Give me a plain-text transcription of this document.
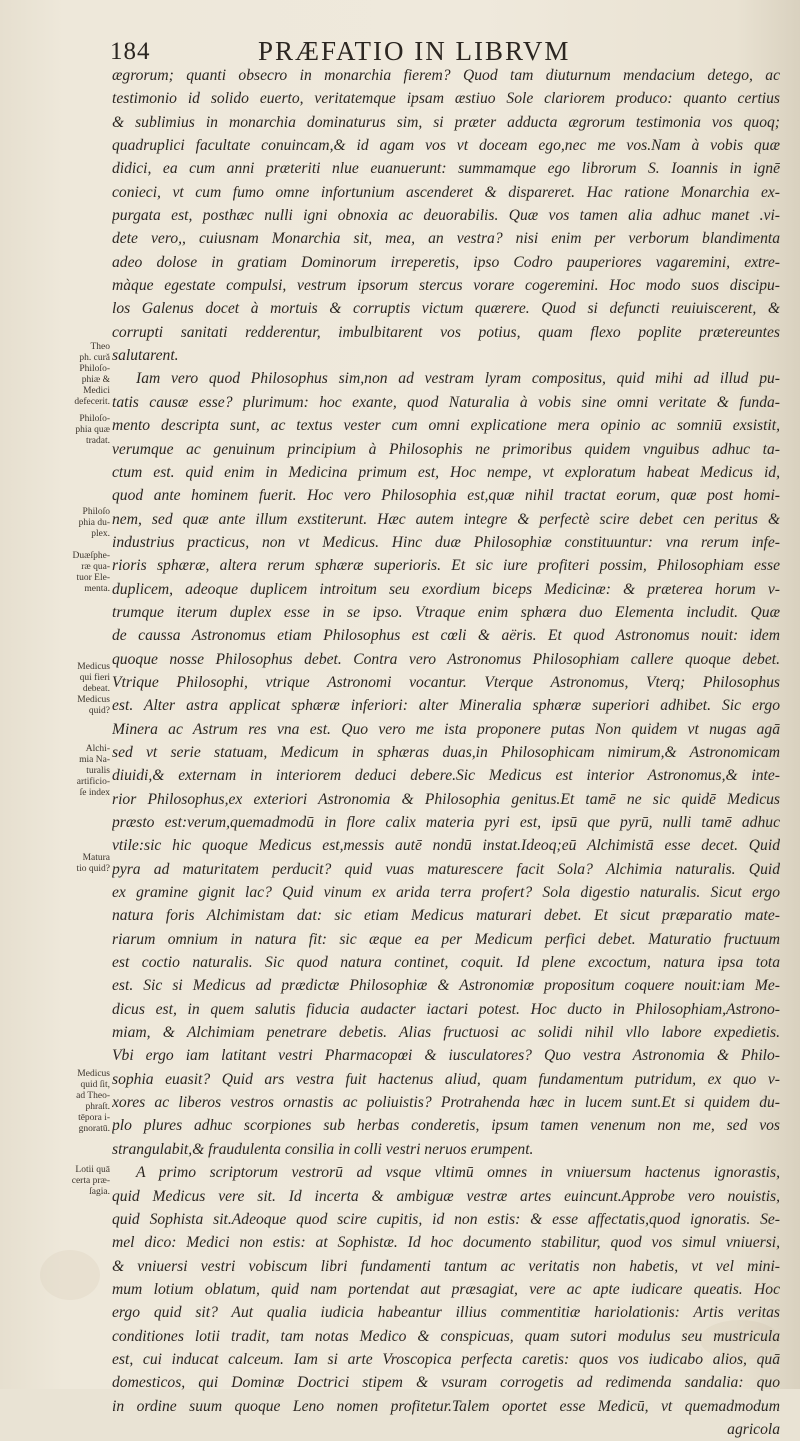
184	PRÆFATIO IN LIBRVM
ægrorum; quanti obsecro in monarchia fierem? Quod tam diuturnum mendacium detego, ac
testimonio id solido euerto, veritatemque ipsam æstiuo Sole clariorem produco: quanto certius
& sublimius in monarchia dominaturus sim, si præter adducta ægrorum testimonia vos quoq;
quadruplici facultate conuincam,& id agam vos vt doceam ego,nec me vos.Nam à vobis quæ
didici, ea cum anni præteriti nlue euanuerunt: summamque ego librorum S. Ioannis in ignē
conieci, vt cum fumo omne infortunium ascenderet & dispareret. Hac ratione Monarchia ex-
purgata est, posthæc nulli igni obnoxia ac deuorabilis. Quæ vos tamen alia adhuc manet .vi-
dete vero,, cuiusnam Monarchia sit, mea, an vestra? nisi enim per verborum blandimenta
adeo dolose in gratiam Dominorum irreperetis, ipso Codro pauperiores vagaremini, extre-
màque egestate compulsi, vestrum ipsorum stercus vorare cogeremini. Hoc modo suos discipu-
los Galenus docet à mortuis & corruptis victum quærere. Quod si defuncti reuiuiscerent, &
corrupti sanitati redderentur, imbulbitarent vos potius, quam flexo poplite prætereuntes
salutarent.
Iam vero quod Philosophus sim,non ad vestram lyram compositus, quid mihi ad illud pu-
tatis causæ esse? plurimum: hoc exante, quod Naturalia à vobis sine omni veritate & funda-
mento descripta sunt, ac textus vester cum omni explicatione mera opinio ac somniū exsistit,
verumque ac genuinum principium à Philosophis ne primoribus quidem vnguibus adhuc ta-
ctum est. quid enim in Medicina primum est, Hoc nempe, vt exploratum habeat Medicus id,
quod ante hominem fuerit. Hoc vero Philosophia est,quæ nihil tractat eorum, quæ post homi-
nem, sed quæ ante illum exstiterunt. Hæc autem integre & perfectè scire debet cen peritus &
industrius practicus, non vt Medicus. Hinc duæ Philosophiæ constituuntur: vna rerum infe-
rioris sphæræ, altera rerum sphæræ superioris. Et sic iure profiteri possim, Philosophiam esse
duplicem, adeoque duplicem introitum seu exordium biceps Medicinæ: & præterea horum v-
trumque iterum duplex esse in se ipso. Vtraque enim sphæra duo Elementa includit. Quæ
de caussa Astronomus etiam Philosophus est cœli & aëris. Et quod Astronomus nouit: idem
quoque nosse Philosophus debet. Contra vero Astronomus Philosophiam callere quoque debet.
Vtrique Philosophi, vtrique Astronomi vocantur. Vterque Astronomus, Vterq; Philosophus
est. Alter astra applicat sphæræ inferiori: alter Mineralia sphæræ superiori adhibet. Sic ergo
Minera ac Astrum res vna est. Quo vero me ista proponere putas Non quidem vt nugas agā
sed vt serie statuam, Medicum in sphæras duas,in Philosophicam nimirum,& Astronomicam
diuidi,& externam in interiorem deduci debere.Sic Medicus est interior Astronomus,& inte-
rior Philosophus,ex exteriori Astronomia & Philosophia genitus.Et tamē ne sic quidē Medicus
præsto est:verum,quemadmodū in flore calix materia pyri est, ipsū que pyrū, nulli tamē adhuc
vtile:sic hic quoque Medicus est,messis autē nondū instat.Ideoq;eū Alchimistā esse decet. Quid
pyra ad maturitatem perducit? quid vuas maturescere facit Sola? Alchimia naturalis. Quid
ex gramine gignit lac? Quid vinum ex arida terra profert? Sola digestio naturalis. Sicut ergo
natura foris Alchimistam dat: sic etiam Medicus maturari debet. Et sicut præparatio mate-
riarum omnium in natura fit: sic æque ea per Medicum perfici debet. Maturatio fructuum
est coctio naturalis. Sic quod natura continet, coquit. Id plene excoctum, natura ipsa tota
est. Sic si Medicus ad prædictæ Philosophiæ & Astronomiæ propositum coquere nouit:iam Me-
dicus est, in quem salutis fiducia audacter iactari potest. Hoc ducto in Philosophiam,Astrono-
miam, & Alchimiam penetrare debetis. Alias fructuosi ac solidi nihil vllo labore expedietis.
Vbi ergo iam latitant vestri Pharmacopœi & iusculatores? Quo vestra Astronomia & Philo-
sophia euasit? Quid ars vestra fuit hactenus aliud, quam fundamentum putridum, ex quo v-
xores ac liberos vestros ornastis ac poliuistis? Protrahenda hæc in lucem sunt.Et si quidem du-
plo plures adhuc scorpiones sub herbas conderetis, ipsum tamen venenum non me, sed vos
strangulabit,& fraudulenta consilia in colli vestri neruos erumpent.
A primo scriptorum vestrorū ad vsque vltimū omnes in vniuersum hactenus ignorastis,
quid Medicus vere sit. Id incerta & ambiguæ vestræ artes euincunt.Approbe vero nouistis,
quid Sophista sit.Adeoque quod scire cupitis, id non estis: & esse affectatis,quod ignoratis. Se-
mel dico: Medici non estis: at Sophistæ. Id hoc documento stabilitur, quod vos simul vniuersi,
& vniuersi vestri vobiscum libri fundamenti tantum ac veritatis non habetis, vt vel mini-
mum lotium oblatum, quid nam portendat aut præsagiat, vere ac apte iudicare queatis. Hoc
ergo quid sit? Aut qualia iudicia habeantur illius commentitiæ hariolationis: Artis veritas
conditiones lotii tradit, tam notas Medico & conspicuas, quam sutori modulus seu mustricula
est, cui inducat calceum. Iam si arte Vroscopica perfecta caretis: quos vos iudicabo alios, quā
domesticos, qui Dominæ Doctrici stipem & vsuram corrogetis ad redimenda sandalia: quo
in ordine suum quoque Leno nomen profitetur.Talem oportet esse Medicū, vt quemadmodum
agricola
Theo
ph. cură
Philoſo-
phiæ &
Medici
defecerit.
Philoſo-
phia quæ
tradat.
Philoſo
phia du-
plex.
Duæſphe-
ræ qua-
tuor Ele-
menta.
Medicus
qui fieri
debeat.
Medicus
quid?
Alchi-
mia Na-
turalis
artificio-
ſe index
Matura
tio quid?
Medicus
quid ſit,
ad Theo-
phraſt.
tēpora i-
gnoratū.
Lotii quā
certa præ-
ſagia.
